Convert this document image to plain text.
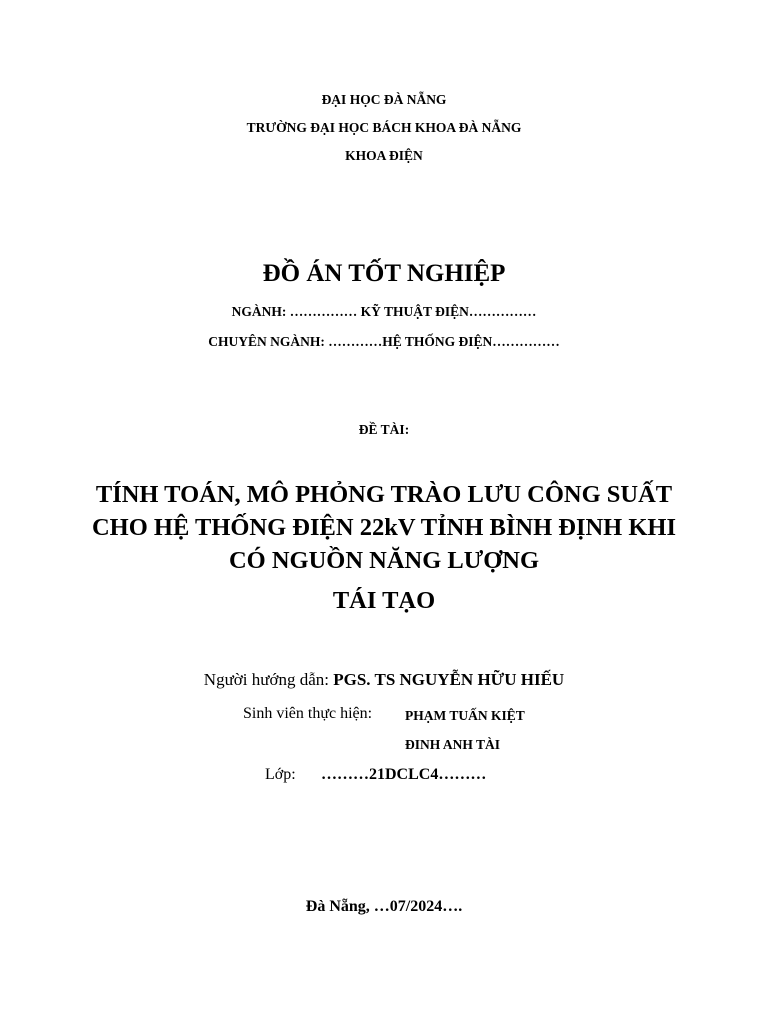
ĐẠI HỌC ĐÀ NẴNG
TRƯỜNG ĐẠI HỌC BÁCH KHOA ĐÀ NẴNG
KHOA ĐIỆN
ĐỒ ÁN TỐT NGHIỆP
NGÀNH: …………… KỸ THUẬT ĐIỆN……………
CHUYÊN NGÀNH: …………HỆ THỐNG ĐIỆN……………
ĐỀ TÀI:
TÍNH TOÁN, MÔ PHỎNG TRÀO LƯU CÔNG SUẤT CHO HỆ THỐNG ĐIỆN 22kV TỈNH BÌNH ĐỊNH KHI CÓ NGUỒN NĂNG LƯỢNG
TÁI TẠO
Người hướng dẫn: PGS. TS NGUYỄN HỮU HIẾU
Sinh viên thực hiện: PHẠM TUẤN KIỆT
ĐINH ANH TÀI
Lớp: ………21DCLC4………
Đà Nẵng, …07/2024….
